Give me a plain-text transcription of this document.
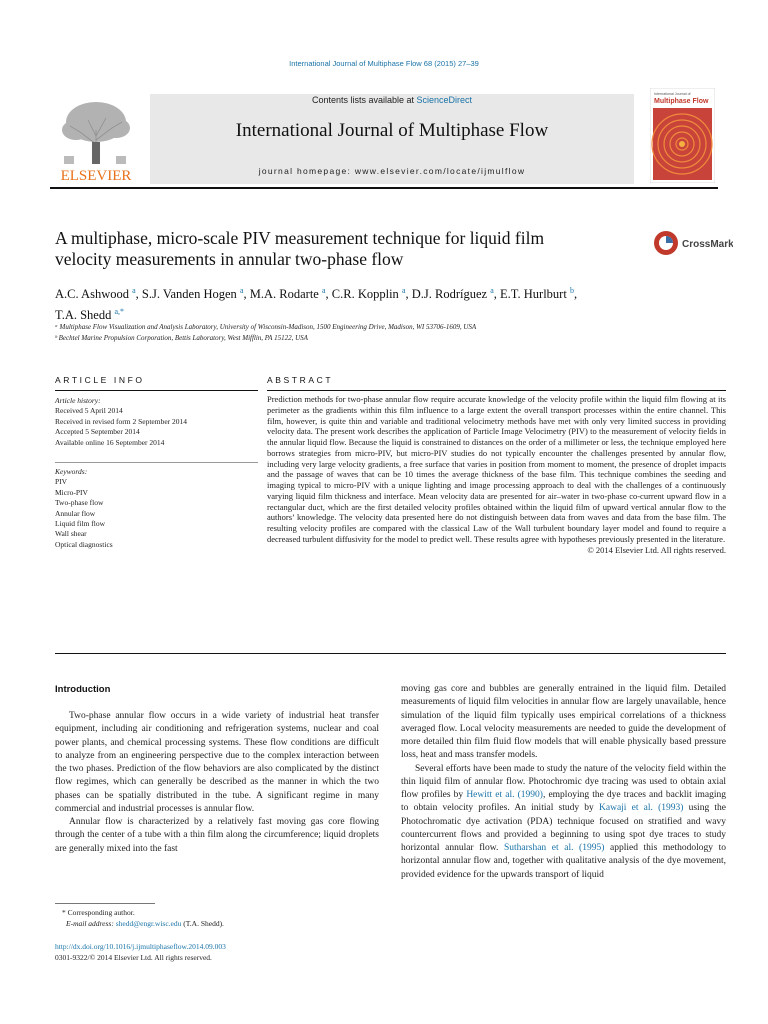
International Journal of Multiphase Flow 68 (2015) 27–39
ELSEVIER
Contents lists available at ScienceDirect
International Journal of Multiphase Flow
journal homepage: www.elsevier.com/locate/ijmulflow
International Journal of
Multiphase Flow
A multiphase, micro-scale PIV measurement technique for liquid film
velocity measurements in annular two-phase flow
CrossMark
A.C. Ashwood $^a$, S.J. Vanden Hogen $^a$, M.A. Rodarte $^a$, C.R. Kopplin $^a$, D.J. Rodríguez $^a$, E.T. Hurlburt $^b$,
T.A. Shedd $^{a,*}$
ᵃ Multiphase Flow Visualization and Analysis Laboratory, University of Wisconsin-Madison, 1500 Engineering Drive, Madison, WI 53706-1609, USA
ᵇ Bechtel Marine Propulsion Corporation, Bettis Laboratory, West Mifflin, PA 15122, USA
ARTICLE INFO	ABSTRACT
Article history:
Received 5 April 2014
Received in revised form 2 September 2014
Accepted 5 September 2014
Available online 16 September 2014
Keywords:
PIV
Micro-PIV
Two-phase flow
Annular flow
Liquid film flow
Wall shear
Optical diagnostics
Prediction methods for two-phase annular flow require accurate knowledge of the velocity profile within the liquid film flowing at its perimeter as the gradients within this film influence to a large extent the overall transport processes within the entire channel. This film, however, is quite thin and variable and traditional velocimetry methods have met with only very limited success in providing velocity data. The present work describes the application of Particle Image Velocimetry (PIV) to the measurement of velocity fields in the annular liquid flow. Because the liquid is constrained to distances on the order of a millimeter or less, the technique employed here borrows strategies from micro-PIV, but micro-PIV studies do not typically encounter the challenges presented by annular flow, including very large velocity gradients, a free surface that varies in position from moment to moment, the presence of droplet impacts and the passage of waves that can be 10 times the average thickness of the base film. This technique combines the seeding and imaging typical to micro-PIV with a unique lighting and image processing approach to deal with the challenges of a continuously varying liquid film thickness and interface. Mean velocity data are presented for air–water in two-phase co-current upward flow in a rectangular duct, which are the first detailed velocity profiles obtained within the liquid film of upward vertical annular flow to the authors’ knowledge. The velocity data presented here do not distinguish between data from waves and data from the base film. The resulting velocity profiles are compared with the classical Law of the Wall turbulent boundary layer model and found to require a decreased turbulent diffusivity for the model to predict well. These results agree with hypotheses previously presented in the literature.
© 2014 Elsevier Ltd. All rights reserved.
Introduction

Two-phase annular flow occurs in a wide variety of industrial heat transfer equipment, including air conditioning and refrigeration systems, nuclear and coal power plants, and chemical processing systems. These flow conditions are difficult to analyze from an engineering perspective due to the complex interaction between the two phases. Prediction of the flow behaviors are also complicated by the distinct flow regimes, which can generally be described as the manner in which the two phases can be spatially distributed in the tube. A significant regime in many commercial and industrial processes is annular flow.

Annular flow is characterized by a relatively fast moving gas core flowing through the center of a tube with a thin film along the circumference; liquid droplets are generally mixed into the fast

moving gas core and bubbles are generally entrained in the liquid film. Detailed measurements of liquid film velocities in annular flow are largely unavailable, hence simulation of the liquid film typically uses empirical correlations of a thickness averaged flow. Local velocity measurements are needed to guide the development of more detailed thin film fluid flow models that will enable physically based pressure loss, heat and mass transfer models.

Several efforts have been made to study the nature of the velocity field within the thin liquid film of annular flow. Photochromic dye tracing was used to obtain axial flow profiles by Hewitt et al. (1990), employing the dye traces and backlit imaging to obtain velocity profiles. An initial study by Kawaji et al. (1993) using the Photochromatic dye activation (PDA) technique focused on stratified and wavy countercurrent flows and provided a beginning to using spot dye traces to study horizontal annular flow. Sutharshan et al. (1995) applied this methodology to horizontal annular flow and, together with qualitative analysis of the dye movement, provided evidence for the upwards transport of liquid

* Corresponding author.
E-mail address: shedd@engr.wisc.edu (T.A. Shedd).
http://dx.doi.org/10.1016/j.ijmultiphaseflow.2014.09.003
0301-9322/© 2014 Elsevier Ltd. All rights reserved.
